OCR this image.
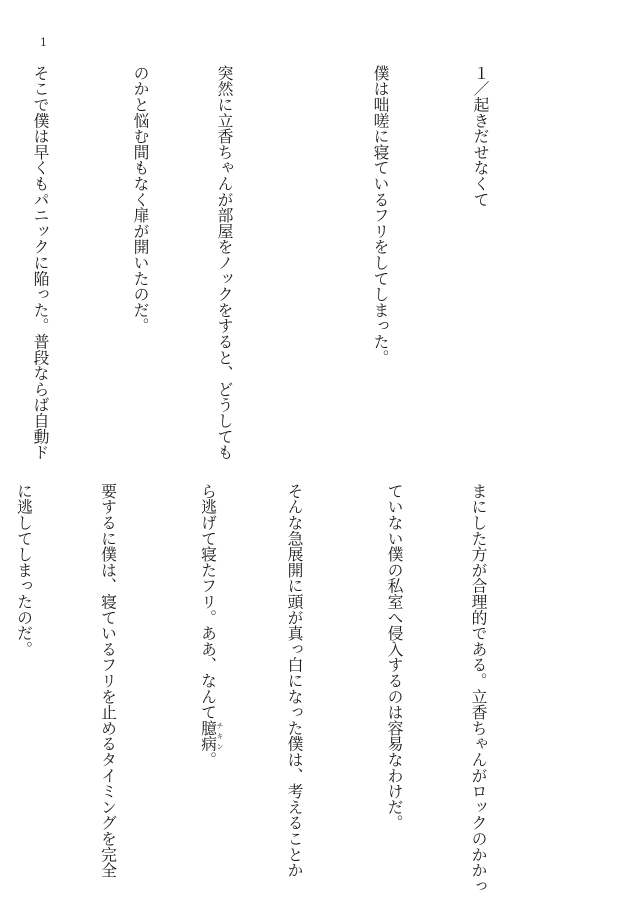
1

１／起きだせなくて

僕は咄嗟に寝ているフリをしてしまった。

突然に立香ちゃんが部屋をノックをすると、どうしても

のかと悩む間もなく扉が開いたのだ。

そこで僕は早くもパニックに陥った。普段ならば自動ド

まにした方が合理的である。立香ちゃんがロックのかかっ

ていない僕の私室へ侵入するのは容易なわけだ。

そんな急展開に頭が真っ白になった僕は、考えることか

ら逃げて寝たフリ。ああ、なんて臆病チキン。

要するに僕は、寝ているフリを止めるタイミングを完全

に逃してしまったのだ。
